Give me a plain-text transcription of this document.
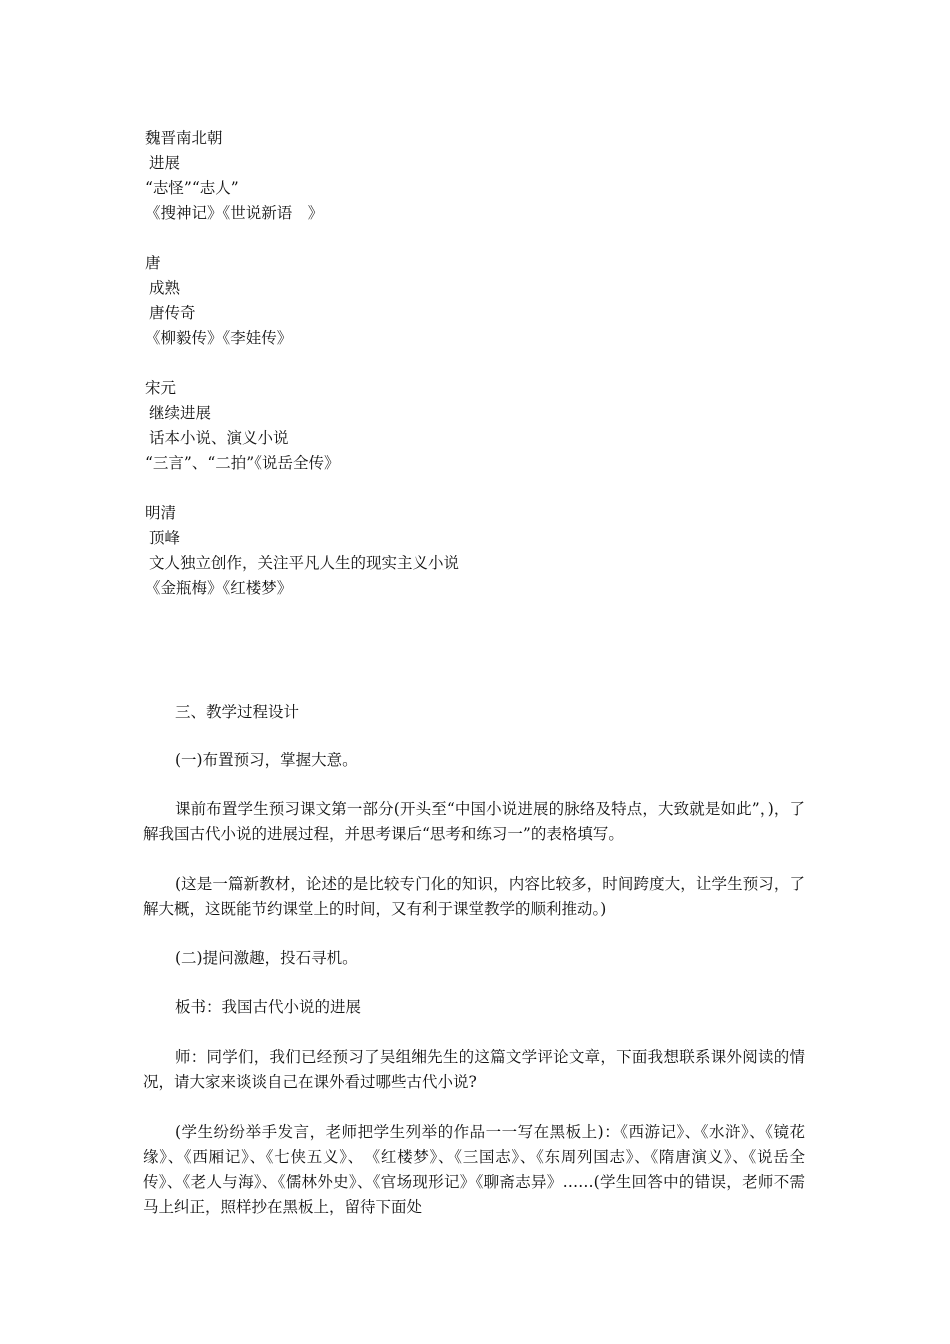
魏晋南北朝
进展
“志怪”“志人”
《搜神记》《世说新语　》
唐
成熟
唐传奇
《柳毅传》《李娃传》
宋元
继续进展
话本小说、演义小说
“三言”、“二拍”《说岳全传》
明清
顶峰
文人独立创作，关注平凡人生的现实主义小说
《金瓶梅》《红楼梦》
三、教学过程设计
(一)布置预习，掌握大意。
课前布置学生预习课文第一部分(开头至“中国小说进展的脉络及特点，大致就是如此”，)，了解我国古代小说的进展过程，并思考课后“思考和练习一”的表格填写。
(这是一篇新教材，论述的是比较专门化的知识，内容比较多，时间跨度大，让学生预习，了解大概，这既能节约课堂上的时间，又有利于课堂教学的顺利推动。)
(二)提问激趣，投石寻机。
板书：我国古代小说的进展
师：同学们，我们已经预习了吴组缃先生的这篇文学评论文章，下面我想联系课外阅读的情况，请大家来谈谈自己在课外看过哪些古代小说?
(学生纷纷举手发言，老师把学生列举的作品一一写在黑板上)：《西游记》、《水浒》、《镜花缘》、《西厢记》、《七侠五义》、　《红楼梦》、《三国志》、《东周列国志》、《隋唐演义》、《说岳全传》、《老人与海》、《儒林外史》、《官场现形记》《聊斋志异》……(学生回答中的错误，老师不需马上纠正，照样抄在黑板上，留待下面处
